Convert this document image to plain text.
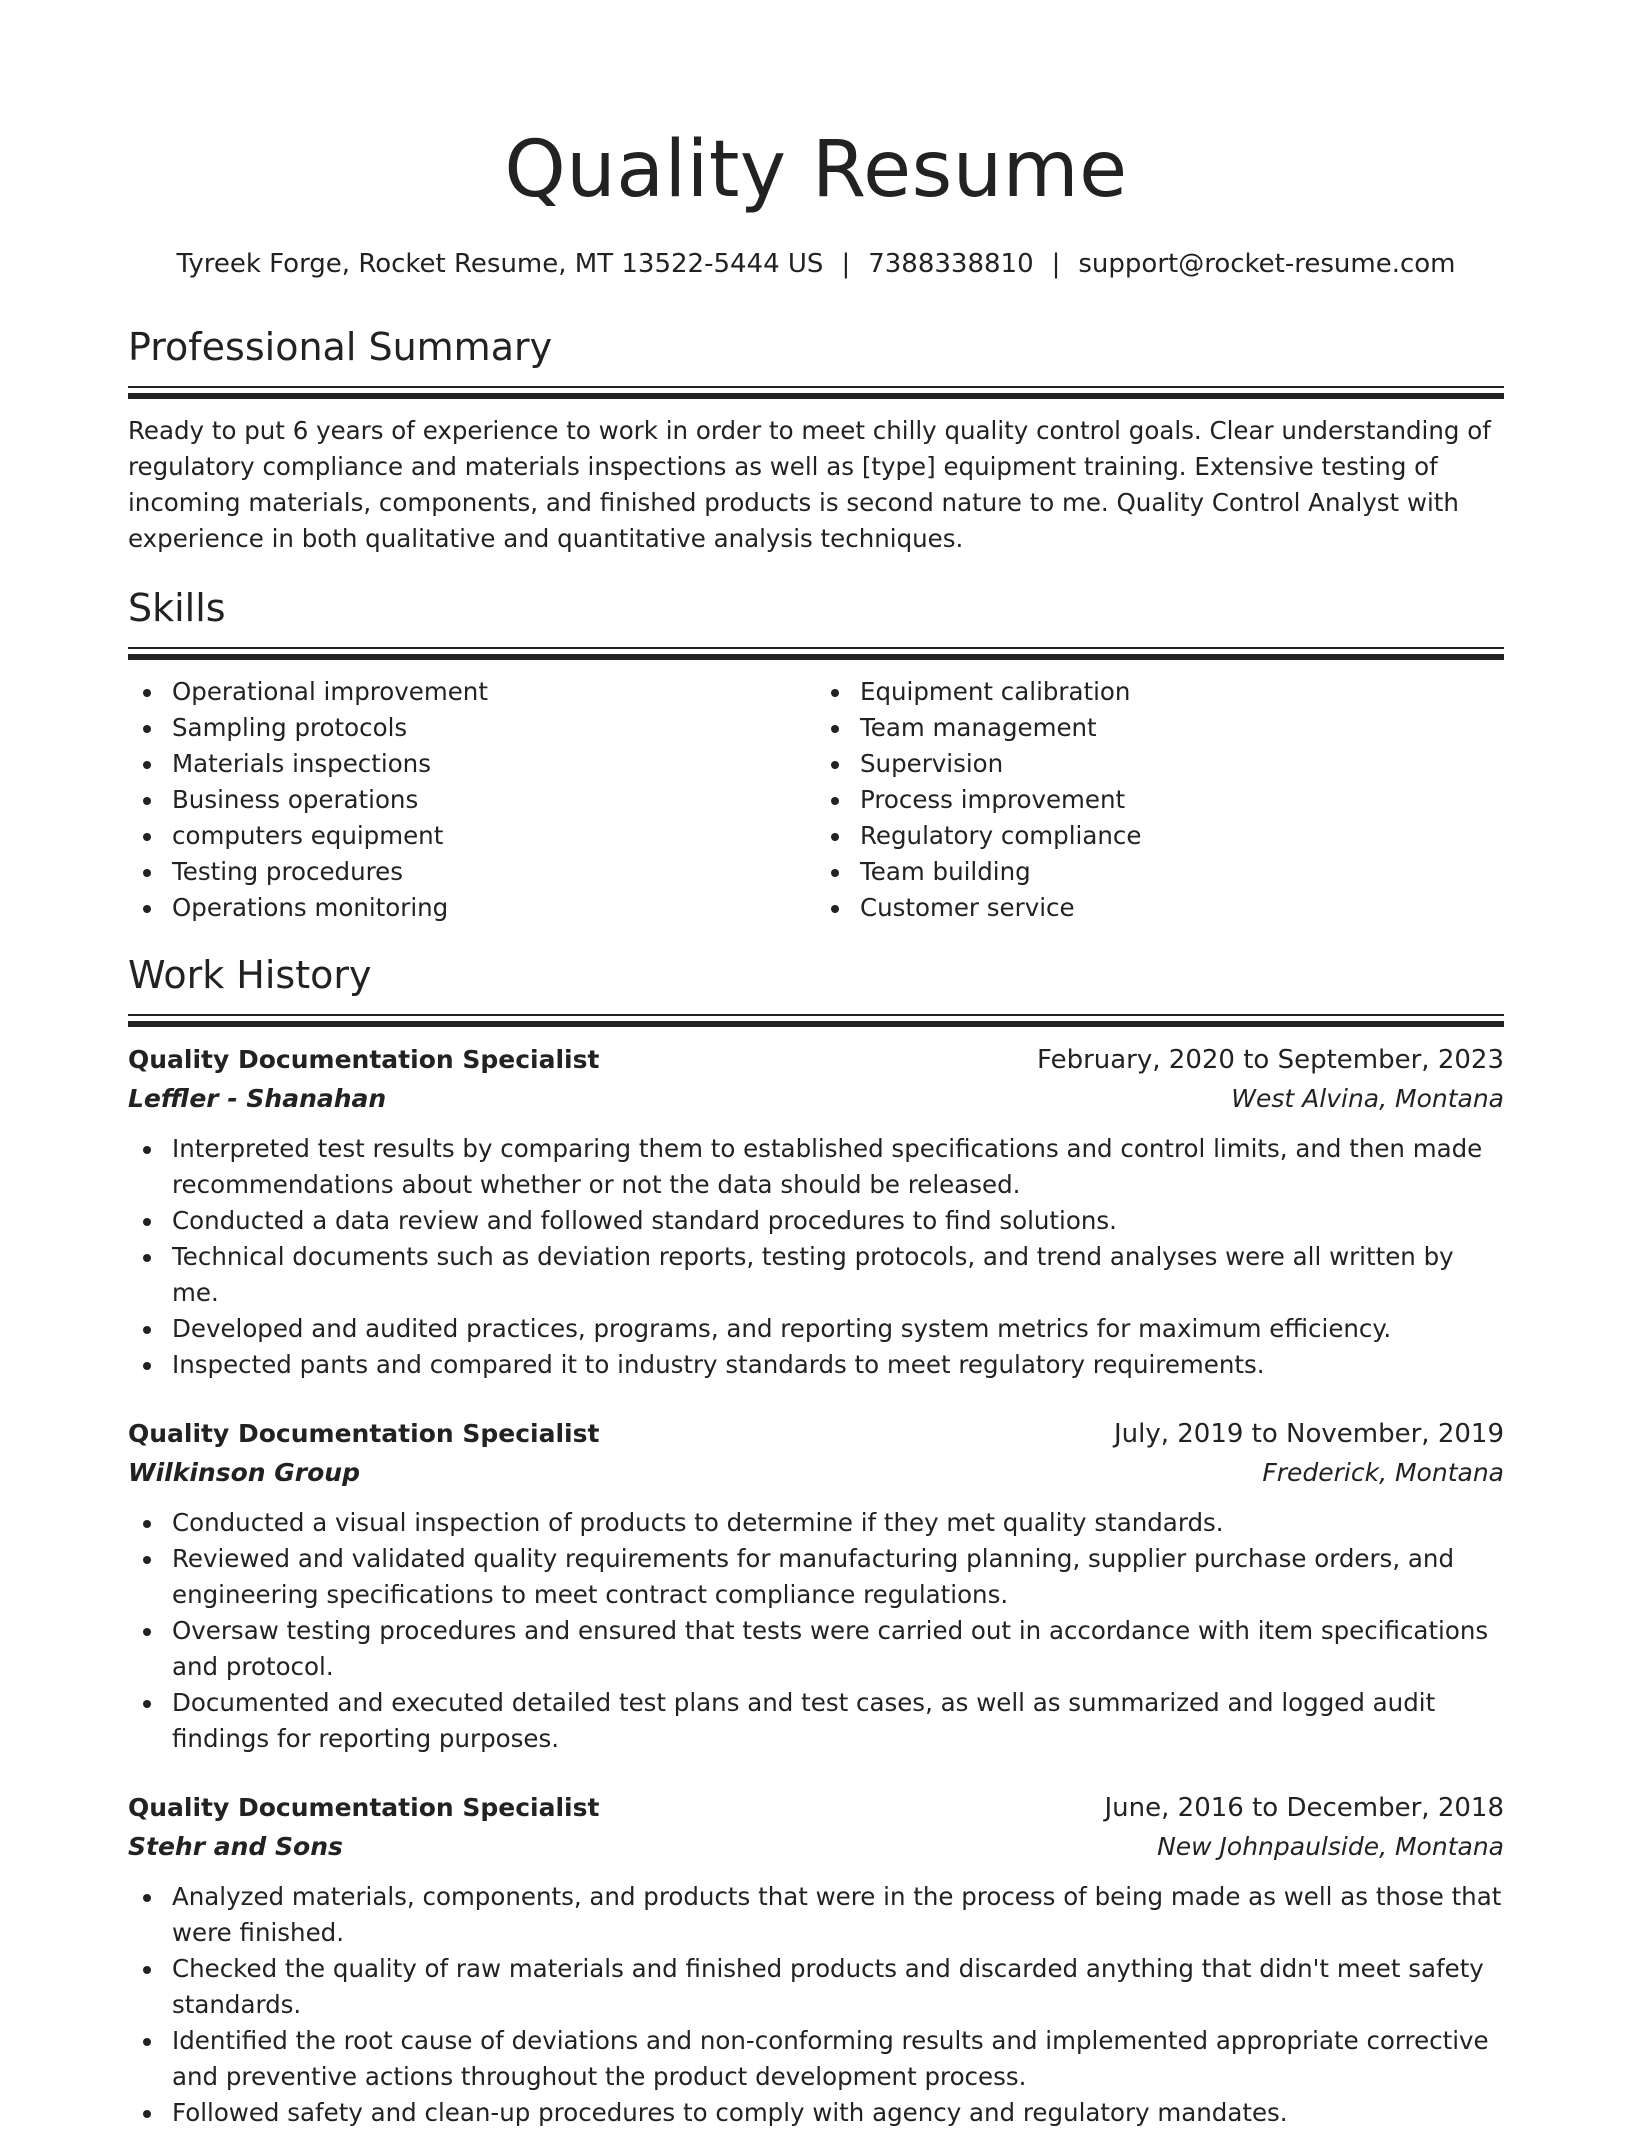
Quality Resume
Tyreek Forge, Rocket Resume, MT 13522-5444 US | 7388338810 | support@rocket-resume.com
Professional Summary

Ready to put 6 years of experience to work in order to meet chilly quality control goals. Clear understanding of regulatory compliance and materials inspections as well as [type] equipment training. Extensive testing of incoming materials, components, and finished products is second nature to me. Quality Control Analyst with experience in both qualitative and quantitative analysis techniques.

Skills
Operational improvement
Sampling protocols
Materials inspections
Business operations
computers equipment
Testing procedures
Operations monitoring
Equipment calibration
Team management
Supervision
Process improvement
Regulatory compliance
Team building
Customer service
Work History
Quality Documentation Specialist	February, 2020 to September, 2023
Leffler - Shanahan	West Alvina, Montana
Interpreted test results by comparing them to established specifications and control limits, and then made recommendations about whether or not the data should be released.
Conducted a data review and followed standard procedures to find solutions.
Technical documents such as deviation reports, testing protocols, and trend analyses were all written by me.
Developed and audited practices, programs, and reporting system metrics for maximum efficiency.
Inspected pants and compared it to industry standards to meet regulatory requirements.
Quality Documentation Specialist	July, 2019 to November, 2019
Wilkinson Group	Frederick, Montana
Conducted a visual inspection of products to determine if they met quality standards.
Reviewed and validated quality requirements for manufacturing planning, supplier purchase orders, and engineering specifications to meet contract compliance regulations.
Oversaw testing procedures and ensured that tests were carried out in accordance with item specifications and protocol.
Documented and executed detailed test plans and test cases, as well as summarized and logged audit findings for reporting purposes.
Quality Documentation Specialist	June, 2016 to December, 2018
Stehr and Sons	New Johnpaulside, Montana
Analyzed materials, components, and products that were in the process of being made as well as those that were finished.
Checked the quality of raw materials and finished products and discarded anything that didn't meet safety standards.
Identified the root cause of deviations and non-conforming results and implemented appropriate corrective and preventive actions throughout the product development process.
Followed safety and clean-up procedures to comply with agency and regulatory mandates.
